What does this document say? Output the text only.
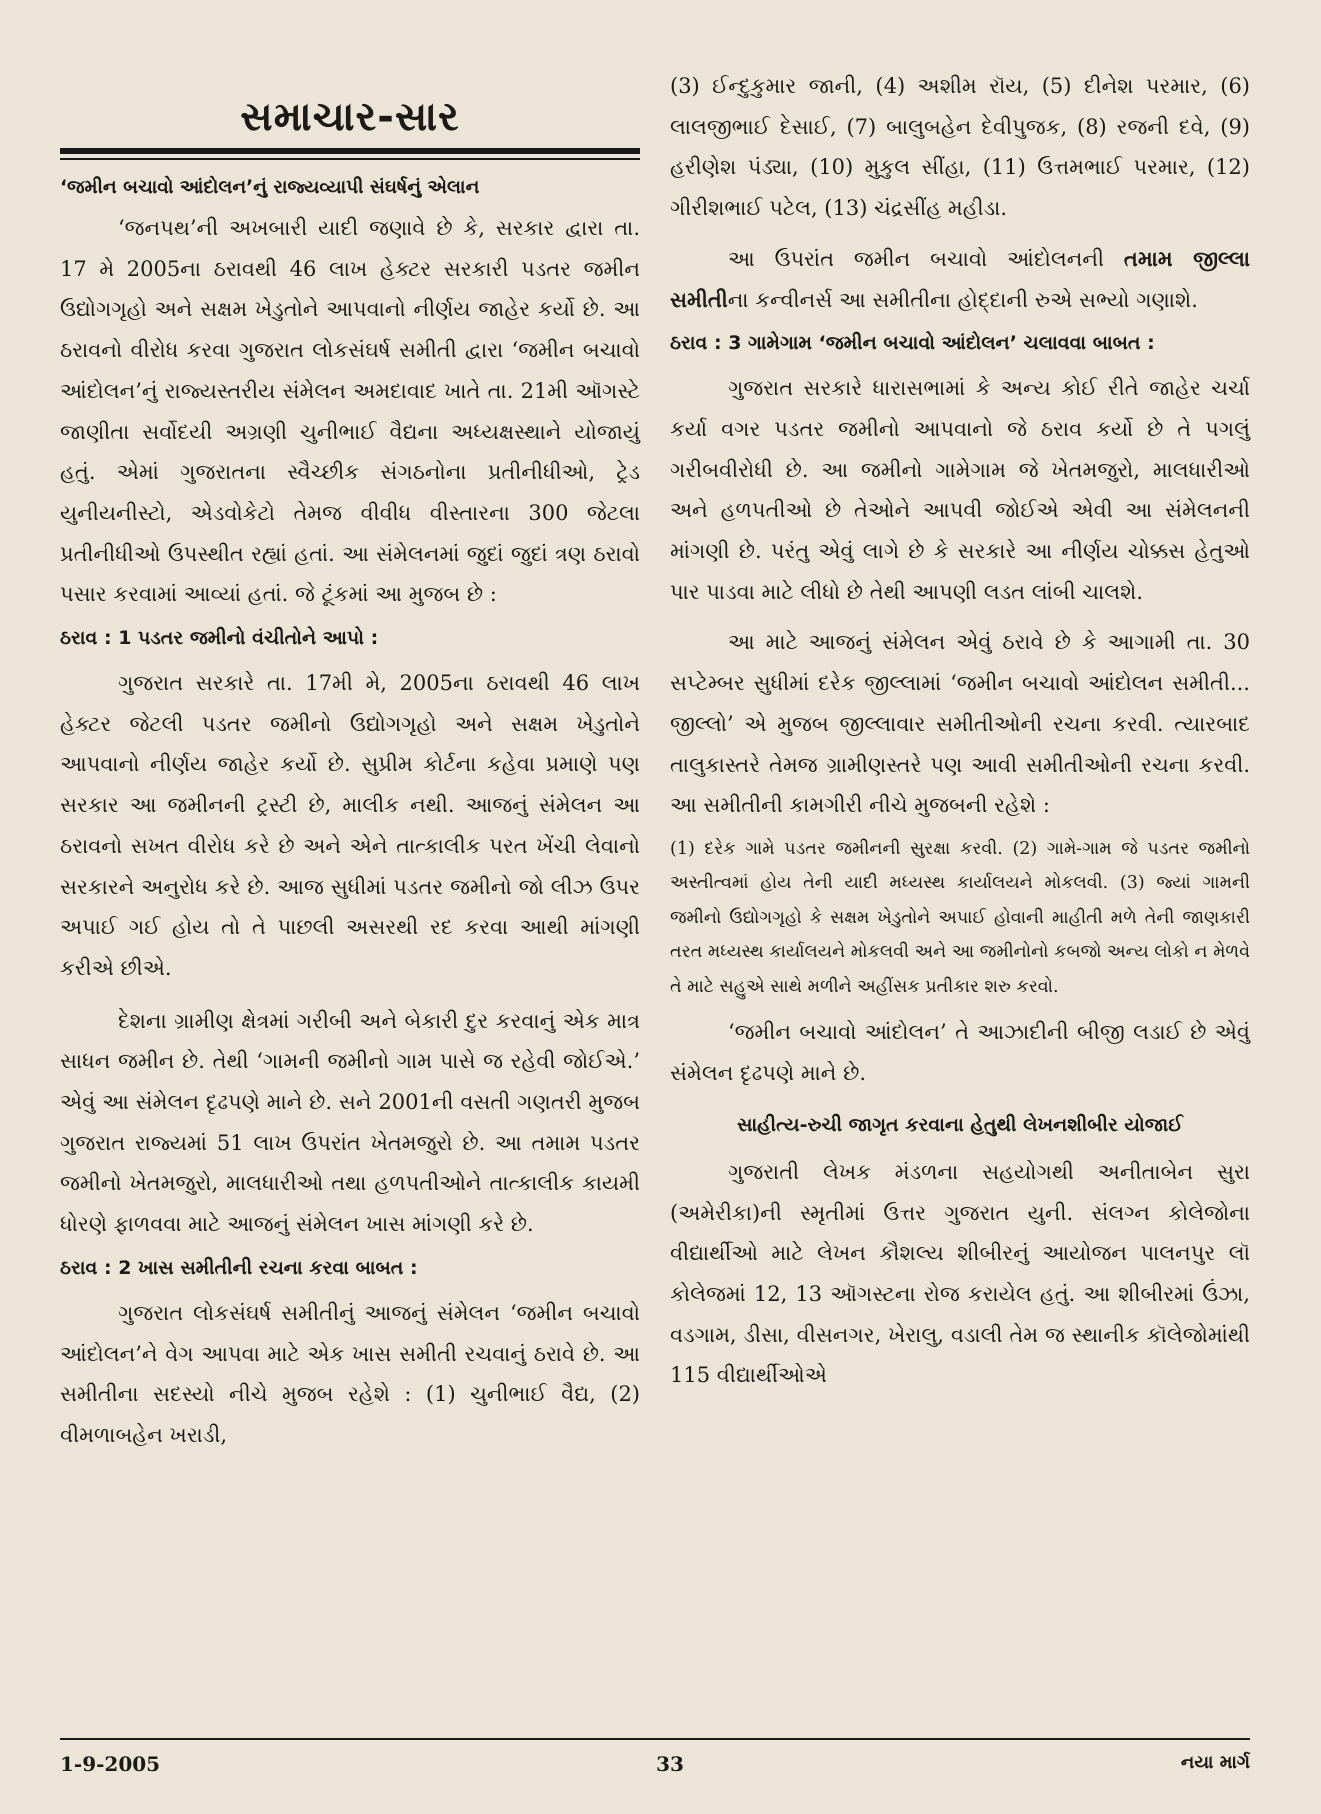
સમાચાર-સાર
‘જમીન બચાવો આંદોલન’નું રાજ્યવ્યાપી સંઘર્ષનું એલાન

‘જનપથ’ની અખબારી યાદી જણાવે છે કે, સરકાર દ્વારા તા. 17 મે 2005ના ઠરાવથી 46 લાખ હેક્ટર સરકારી પડતર જમીન ઉદ્યોગગૃહો અને સક્ષમ ખેડુતોને આપવાનો નીર્ણય જાહેર કર્યો છે. આ ઠરાવનો વીરોધ કરવા ગુજરાત લોકસંઘર્ષ સમીતી દ્વારા ‘જમીન બચાવો આંદોલન’નું રાજ્યસ્તરીય સંમેલન અમદાવાદ ખાતે તા. 21મી ઑગસ્ટે જાણીતા સર્વોદયી અગ્રણી ચુનીભાઈ વૈદ્યના અધ્યક્ષસ્થાને યોજાયું હતું. એમાં ગુજરાતના સ્વૈચ્છીક સંગઠનોના પ્રતીનીધીઓ, ટ્રેડ યુનીયનીસ્ટો, એડવોકેટો તેમજ વીવીધ વીસ્તારના 300 જેટલા પ્રતીનીધીઓ ઉપસ્થીત રહ્યાં હતાં. આ સંમેલનમાં જુદાં જુદાં ત્રણ ઠરાવો પસાર કરવામાં આવ્યાં હતાં. જે ટૂંકમાં આ મુજબ છે :

ઠરાવ : 1 પડતર જમીનો વંચીતોને આપો :

ગુજરાત સરકારે તા. 17મી મે, 2005ના ઠરાવથી 46 લાખ હેક્ટર જેટલી પડતર જમીનો ઉદ્યોગગૃહો અને સક્ષમ ખેડુતોને આપવાનો નીર્ણય જાહેર કર્યો છે. સુપ્રીમ કોર્ટના કહેવા પ્રમાણે પણ સરકાર આ જમીનની ટ્રસ્ટી છે, માલીક નથી. આજનું સંમેલન આ ઠરાવનો સખત વીરોધ કરે છે અને એને તાત્કાલીક પરત ખેંચી લેવાનો સરકારને અનુરોધ કરે છે. આજ સુધીમાં પડતર જમીનો જો લીઝ ઉપર અપાઈ ગઈ હોય તો તે પાછલી અસરથી રદ કરવા આથી માંગણી કરીએ છીએ.

દેશના ગ્રામીણ ક્ષેત્રમાં ગરીબી અને બેકારી દુર કરવાનું એક માત્ર સાધન જમીન છે. તેથી ‘ગામની જમીનો ગામ પાસે જ રહેવી જોઈએ.’ એવું આ સંમેલન દૃઢપણે માને છે. સને 2001ની વસતી ગણતરી મુજબ ગુજરાત રાજ્યમાં 51 લાખ ઉપરાંત ખેતમજુરો છે. આ તમામ પડતર જમીનો ખેતમજુરો, માલધારીઓ તથા હળપતીઓને તાત્કાલીક કાયમી ધોરણે ફાળવવા માટે આજનું સંમેલન ખાસ માંગણી કરે છે.

ઠરાવ : 2 ખાસ સમીતીની રચના કરવા બાબત :

ગુજરાત લોકસંઘર્ષ સમીતીનું આજનું સંમેલન ‘જમીન બચાવો આંદોલન’ને વેગ આપવા માટે એક ખાસ સમીતી રચવાનું ઠરાવે છે. આ સમીતીના સદસ્યો નીચે મુજબ રહેશે : (1) ચુનીભાઈ વૈદ્ય, (2) વીમળાબહેન ખરાડી,

(3) ઈન્દુકુમાર જાની, (4) અશીમ રૉય, (5) દીનેશ પરમાર, (6) લાલજીભાઈ દેસાઈ, (7) બાલુબહેન દેવીપુજક, (8) રજની દવે, (9) હરીણેશ પંડ્યા, (10) મુકુલ સીંહા, (11) ઉત્તમભાઈ પરમાર, (12) ગીરીશભાઈ પટેલ, (13) ચંદ્રસીંહ મહીડા.

આ ઉપરાંત જમીન બચાવો આંદોલનની તમામ જીલ્લા સમીતીના કન્વીનર્સ આ સમીતીના હોદ્દાની રુએ સભ્યો ગણાશે.

ઠરાવ : 3 ગામેગામ ‘જમીન બચાવો આંદોલન’ ચલાવવા બાબત :

ગુજરાત સરકારે ધારાસભામાં કે અન્ય કોઈ રીતે જાહેર ચર્ચા કર્યા વગર પડતર જમીનો આપવાનો જે ઠરાવ કર્યો છે તે પગલું ગરીબવીરોધી છે. આ જમીનો ગામેગામ જે ખેતમજુરો, માલધારીઓ અને હળપતીઓ છે તેઓને આપવી જોઈએ એવી આ સંમેલનની માંગણી છે. પરંતુ એવું લાગે છે કે સરકારે આ નીર્ણય ચોક્કસ હેતુઓ પાર પાડવા માટે લીધો છે તેથી આપણી લડત લાંબી ચાલશે.

આ માટે આજનું સંમેલન એવું ઠરાવે છે કે આગામી તા. 30 સપ્ટેમ્બર સુધીમાં દરેક જીલ્લામાં ‘જમીન બચાવો આંદોલન સમીતી... જીલ્લો’ એ મુજબ જીલ્લાવાર સમીતીઓની રચના કરવી. ત્યારબાદ તાલુકાસ્તરે તેમજ ગ્રામીણસ્તરે પણ આવી સમીતીઓની રચના કરવી. આ સમીતીની કામગીરી નીચે મુજબની રહેશે :

(1) દરેક ગામે પડતર જમીનની સુરક્ષા કરવી. (2) ગામે-ગામ જે પડતર જમીનો અસ્તીત્વમાં હોય તેની યાદી મધ્યસ્થ કાર્યાલયને મોકલવી. (3) જ્યાં ગામની જમીનો ઉદ્યોગગૃહો કે સક્ષમ ખેડુતોને અપાઈ હોવાની માહીતી મળે તેની જાણકારી તરત મધ્યસ્થ કાર્યાલયને મોકલવી અને આ જમીનોનો કબજો અન્ય લોકો ન મેળવે તે માટે સહુએ સાથે મળીને અહીંસક પ્રતીકાર શરુ કરવો.

‘જમીન બચાવો આંદોલન’ તે આઝાદીની બીજી લડાઈ છે એવું સંમેલન દૃઢપણે માને છે.

સાહીત્ય-રુચી જાગૃત કરવાના હેતુથી લેખનશીબીર યોજાઈ

ગુજરાતી લેખક મંડળના સહયોગથી અનીતાબેન સુરા (અમેરીકા)ની સ્મૃતીમાં ઉત્તર ગુજરાત યુની. સંલગ્ન કોલેજોના વીદ્યાર્થીઓ માટે લેખન કૌશલ્ય શીબીરનું આયોજન પાલનપુર લૉ કોલેજમાં 12, 13 ઑગસ્ટના રોજ કરાયેલ હતું. આ શીબીરમાં ઉંઝા, વડગામ, ડીસા, વીસનગર, ખેરાલુ, વડાલી તેમ જ સ્થાનીક કૉલેજોમાંથી 115 વીદ્યાર્થીઓએ

1-9-2005	33	નયા માર્ગ
